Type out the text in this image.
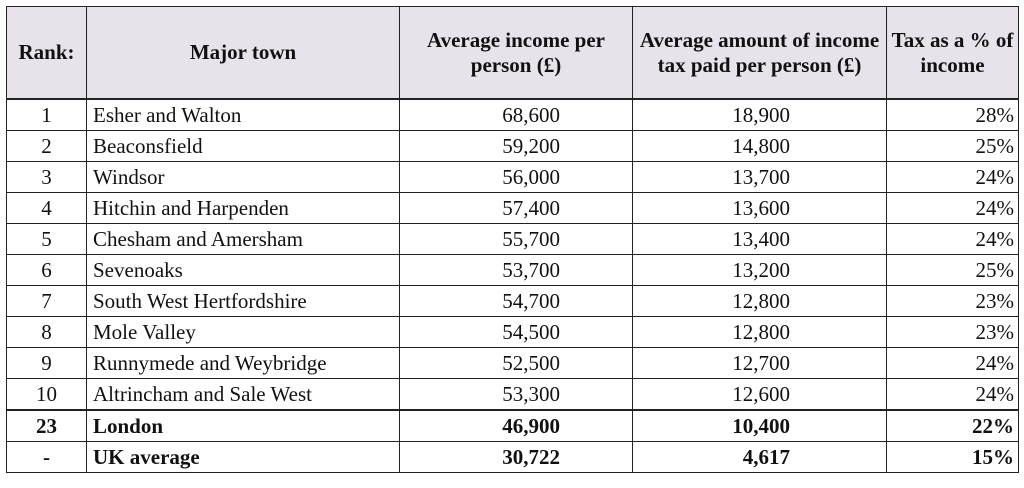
Rank:	Major town	Average income per person (£)	Average amount of income tax paid per person (£)	Tax as a % of income
1	Esher and Walton	68,600	18,900	28%
2	Beaconsfield	59,200	14,800	25%
3	Windsor	56,000	13,700	24%
4	Hitchin and Harpenden	57,400	13,600	24%
5	Chesham and Amersham	55,700	13,400	24%
6	Sevenoaks	53,700	13,200	25%
7	South West Hertfordshire	54,700	12,800	23%
8	Mole Valley	54,500	12,800	23%
9	Runnymede and Weybridge	52,500	12,700	24%
10	Altrincham and Sale West	53,300	12,600	24%
23	London	46,900	10,400	22%
-	UK average	30,722	4,617	15%
